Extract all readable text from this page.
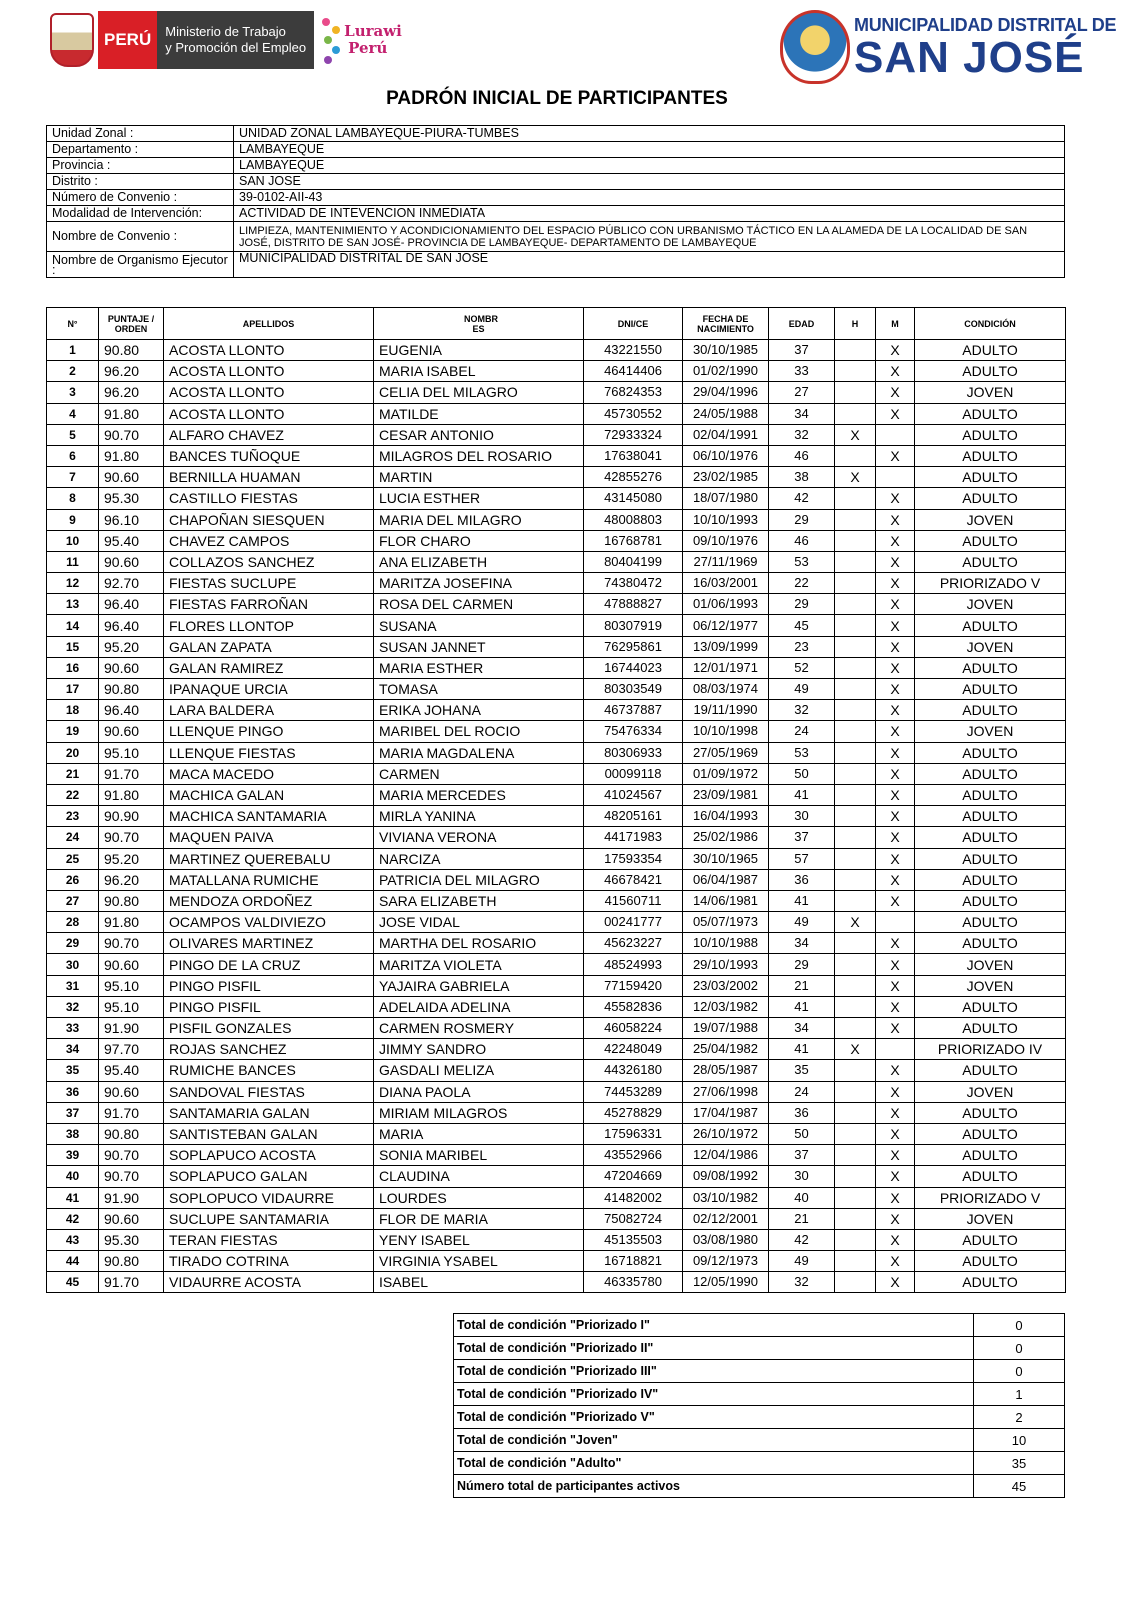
PERÚ	Ministerio de Trabajo
y Promoción del Empleo
Lurawi
Perú
MUNICIPALIDAD DISTRITAL DE
SAN JOSÉ
PADRÓN INICIAL DE PARTICIPANTES
Unidad Zonal :	UNIDAD ZONAL LAMBAYEQUE-PIURA-TUMBES
Departamento :	LAMBAYEQUE
Provincia :	LAMBAYEQUE
Distrito :	SAN JOSE
Número de Convenio :	39-0102-AII-43
Modalidad de Intervención:	ACTIVIDAD DE INTEVENCION INMEDIATA
Nombre de Convenio :	LIMPIEZA, MANTENIMIENTO Y ACONDICIONAMIENTO DEL ESPACIO PÚBLICO CON URBANISMO TÁCTICO EN LA ALAMEDA DE LA LOCALIDAD DE SAN JOSÉ, DISTRITO DE SAN JOSÉ- PROVINCIA DE LAMBAYEQUE- DEPARTAMENTO DE LAMBAYEQUE
Nombre de Organismo Ejecutor :	MUNICIPALIDAD DISTRITAL DE SAN JOSE
N°	PUNTAJE / ORDEN	APELLIDOS	NOMBR ES	DNI/CE	FECHA DE NACIMIENTO	EDAD	H	M	CONDICIÓN
1	90.80	ACOSTA LLONTO	EUGENIA	43221550	30/10/1985	37		X	ADULTO
2	96.20	ACOSTA LLONTO	MARIA ISABEL	46414406	01/02/1990	33		X	ADULTO
3	96.20	ACOSTA LLONTO	CELIA DEL MILAGRO	76824353	29/04/1996	27		X	JOVEN
4	91.80	ACOSTA LLONTO	MATILDE	45730552	24/05/1988	34		X	ADULTO
5	90.70	ALFARO CHAVEZ	CESAR ANTONIO	72933324	02/04/1991	32	X		ADULTO
6	91.80	BANCES TUÑOQUE	MILAGROS DEL ROSARIO	17638041	06/10/1976	46		X	ADULTO
7	90.60	BERNILLA HUAMAN	MARTIN	42855276	23/02/1985	38	X		ADULTO
8	95.30	CASTILLO FIESTAS	LUCIA ESTHER	43145080	18/07/1980	42		X	ADULTO
9	96.10	CHAPOÑAN SIESQUEN	MARIA DEL MILAGRO	48008803	10/10/1993	29		X	JOVEN
10	95.40	CHAVEZ CAMPOS	FLOR CHARO	16768781	09/10/1976	46		X	ADULTO
11	90.60	COLLAZOS SANCHEZ	ANA ELIZABETH	80404199	27/11/1969	53		X	ADULTO
12	92.70	FIESTAS SUCLUPE	MARITZA JOSEFINA	74380472	16/03/2001	22		X	PRIORIZADO V
13	96.40	FIESTAS FARROÑAN	ROSA DEL CARMEN	47888827	01/06/1993	29		X	JOVEN
14	96.40	FLORES LLONTOP	SUSANA	80307919	06/12/1977	45		X	ADULTO
15	95.20	GALAN ZAPATA	SUSAN JANNET	76295861	13/09/1999	23		X	JOVEN
16	90.60	GALAN RAMIREZ	MARIA ESTHER	16744023	12/01/1971	52		X	ADULTO
17	90.80	IPANAQUE URCIA	TOMASA	80303549	08/03/1974	49		X	ADULTO
18	96.40	LARA BALDERA	ERIKA JOHANA	46737887	19/11/1990	32		X	ADULTO
19	90.60	LLENQUE PINGO	MARIBEL DEL ROCIO	75476334	10/10/1998	24		X	JOVEN
20	95.10	LLENQUE FIESTAS	MARIA MAGDALENA	80306933	27/05/1969	53		X	ADULTO
21	91.70	MACA MACEDO	CARMEN	00099118	01/09/1972	50		X	ADULTO
22	91.80	MACHICA GALAN	MARIA MERCEDES	41024567	23/09/1981	41		X	ADULTO
23	90.90	MACHICA SANTAMARIA	MIRLA YANINA	48205161	16/04/1993	30		X	ADULTO
24	90.70	MAQUEN PAIVA	VIVIANA VERONA	44171983	25/02/1986	37		X	ADULTO
25	95.20	MARTINEZ QUEREBALU	NARCIZA	17593354	30/10/1965	57		X	ADULTO
26	96.20	MATALLANA RUMICHE	PATRICIA DEL MILAGRO	46678421	06/04/1987	36		X	ADULTO
27	90.80	MENDOZA ORDOÑEZ	SARA ELIZABETH	41560711	14/06/1981	41		X	ADULTO
28	91.80	OCAMPOS VALDIVIEZO	JOSE VIDAL	00241777	05/07/1973	49	X		ADULTO
29	90.70	OLIVARES MARTINEZ	MARTHA DEL ROSARIO	45623227	10/10/1988	34		X	ADULTO
30	90.60	PINGO DE LA CRUZ	MARITZA VIOLETA	48524993	29/10/1993	29		X	JOVEN
31	95.10	PINGO PISFIL	YAJAIRA GABRIELA	77159420	23/03/2002	21		X	JOVEN
32	95.10	PINGO PISFIL	ADELAIDA ADELINA	45582836	12/03/1982	41		X	ADULTO
33	91.90	PISFIL GONZALES	CARMEN ROSMERY	46058224	19/07/1988	34		X	ADULTO
34	97.70	ROJAS SANCHEZ	JIMMY SANDRO	42248049	25/04/1982	41	X		PRIORIZADO IV
35	95.40	RUMICHE BANCES	GASDALI MELIZA	44326180	28/05/1987	35		X	ADULTO
36	90.60	SANDOVAL FIESTAS	DIANA PAOLA	74453289	27/06/1998	24		X	JOVEN
37	91.70	SANTAMARIA GALAN	MIRIAM MILAGROS	45278829	17/04/1987	36		X	ADULTO
38	90.80	SANTISTEBAN GALAN	MARIA	17596331	26/10/1972	50		X	ADULTO
39	90.70	SOPLAPUCO ACOSTA	SONIA MARIBEL	43552966	12/04/1986	37		X	ADULTO
40	90.70	SOPLAPUCO GALAN	CLAUDINA	47204669	09/08/1992	30		X	ADULTO
41	91.90	SOPLOPUCO VIDAURRE	LOURDES	41482002	03/10/1982	40		X	PRIORIZADO V
42	90.60	SUCLUPE SANTAMARIA	FLOR DE MARIA	75082724	02/12/2001	21		X	JOVEN
43	95.30	TERAN FIESTAS	YENY ISABEL	45135503	03/08/1980	42		X	ADULTO
44	90.80	TIRADO COTRINA	VIRGINIA YSABEL	16718821	09/12/1973	49		X	ADULTO
45	91.70	VIDAURRE ACOSTA	ISABEL	46335780	12/05/1990	32		X	ADULTO
Total de condición "Priorizado I"	0
Total de condición "Priorizado II"	0
Total de condición "Priorizado III"	0
Total de condición "Priorizado IV"	1
Total de condición "Priorizado V"	2
Total de condición "Joven"	10
Total de condición "Adulto"	35
Número total de participantes activos	45
